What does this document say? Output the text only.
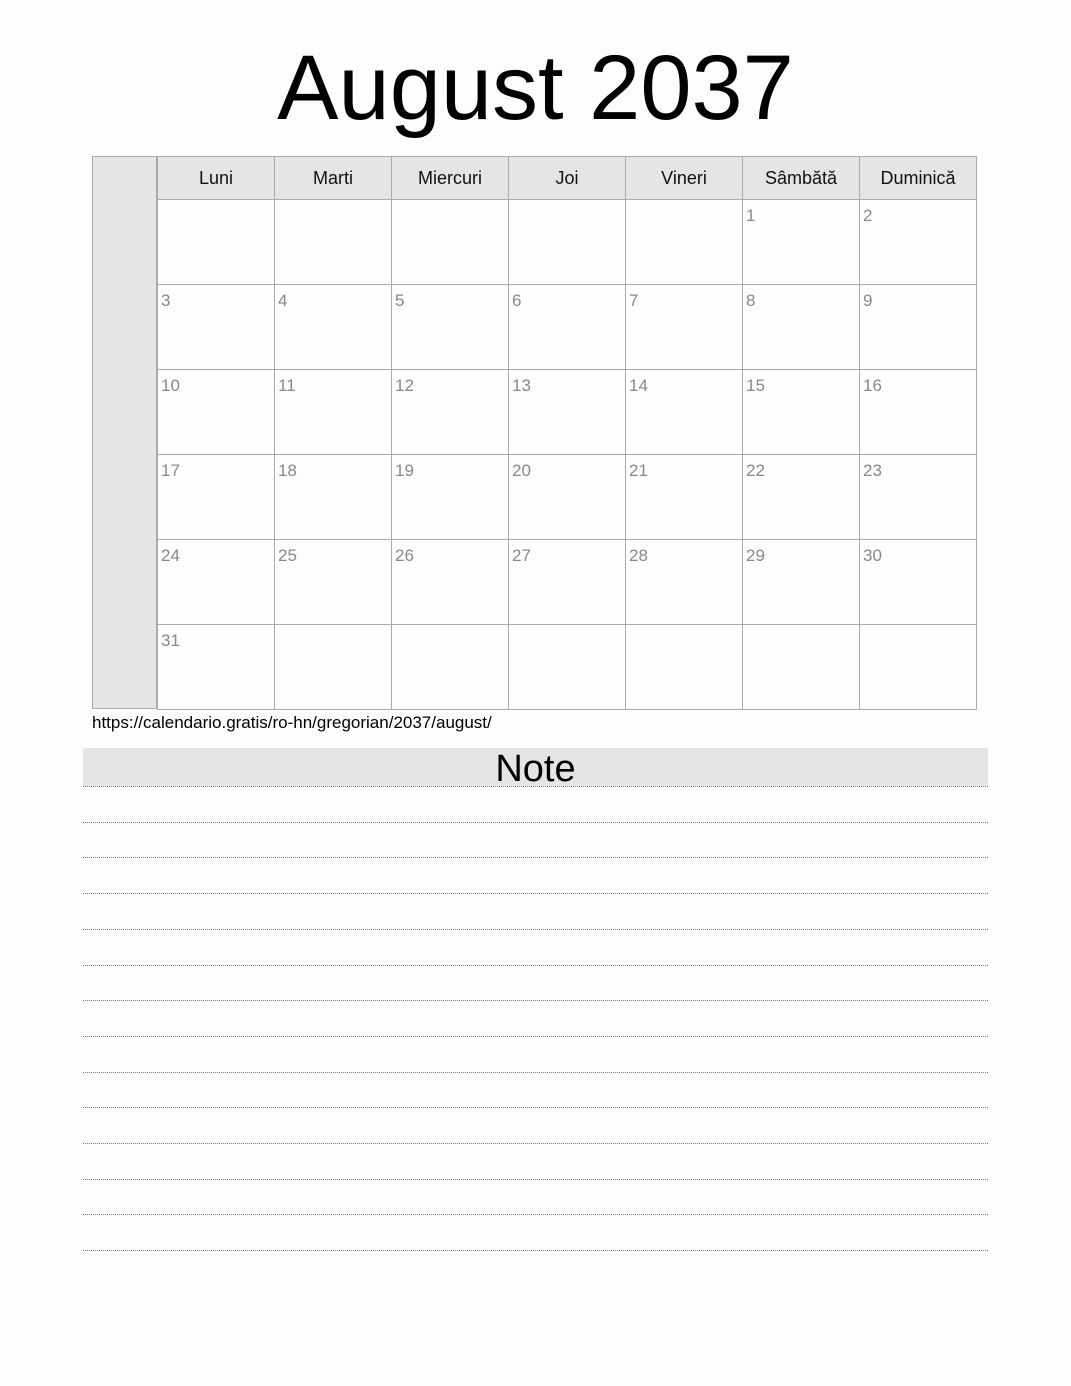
August 2037
Luni	Marti	Miercuri	Joi	Vineri	Sâmbătă	Duminică

					1	2

3	4	5	6	7	8	9

10	11	12	13	14	15	16

17	18	19	20	21	22	23

24	25	26	27	28	29	30

31						

https://calendario.gratis/ro-hn/gregorian/2037/august/
Note
